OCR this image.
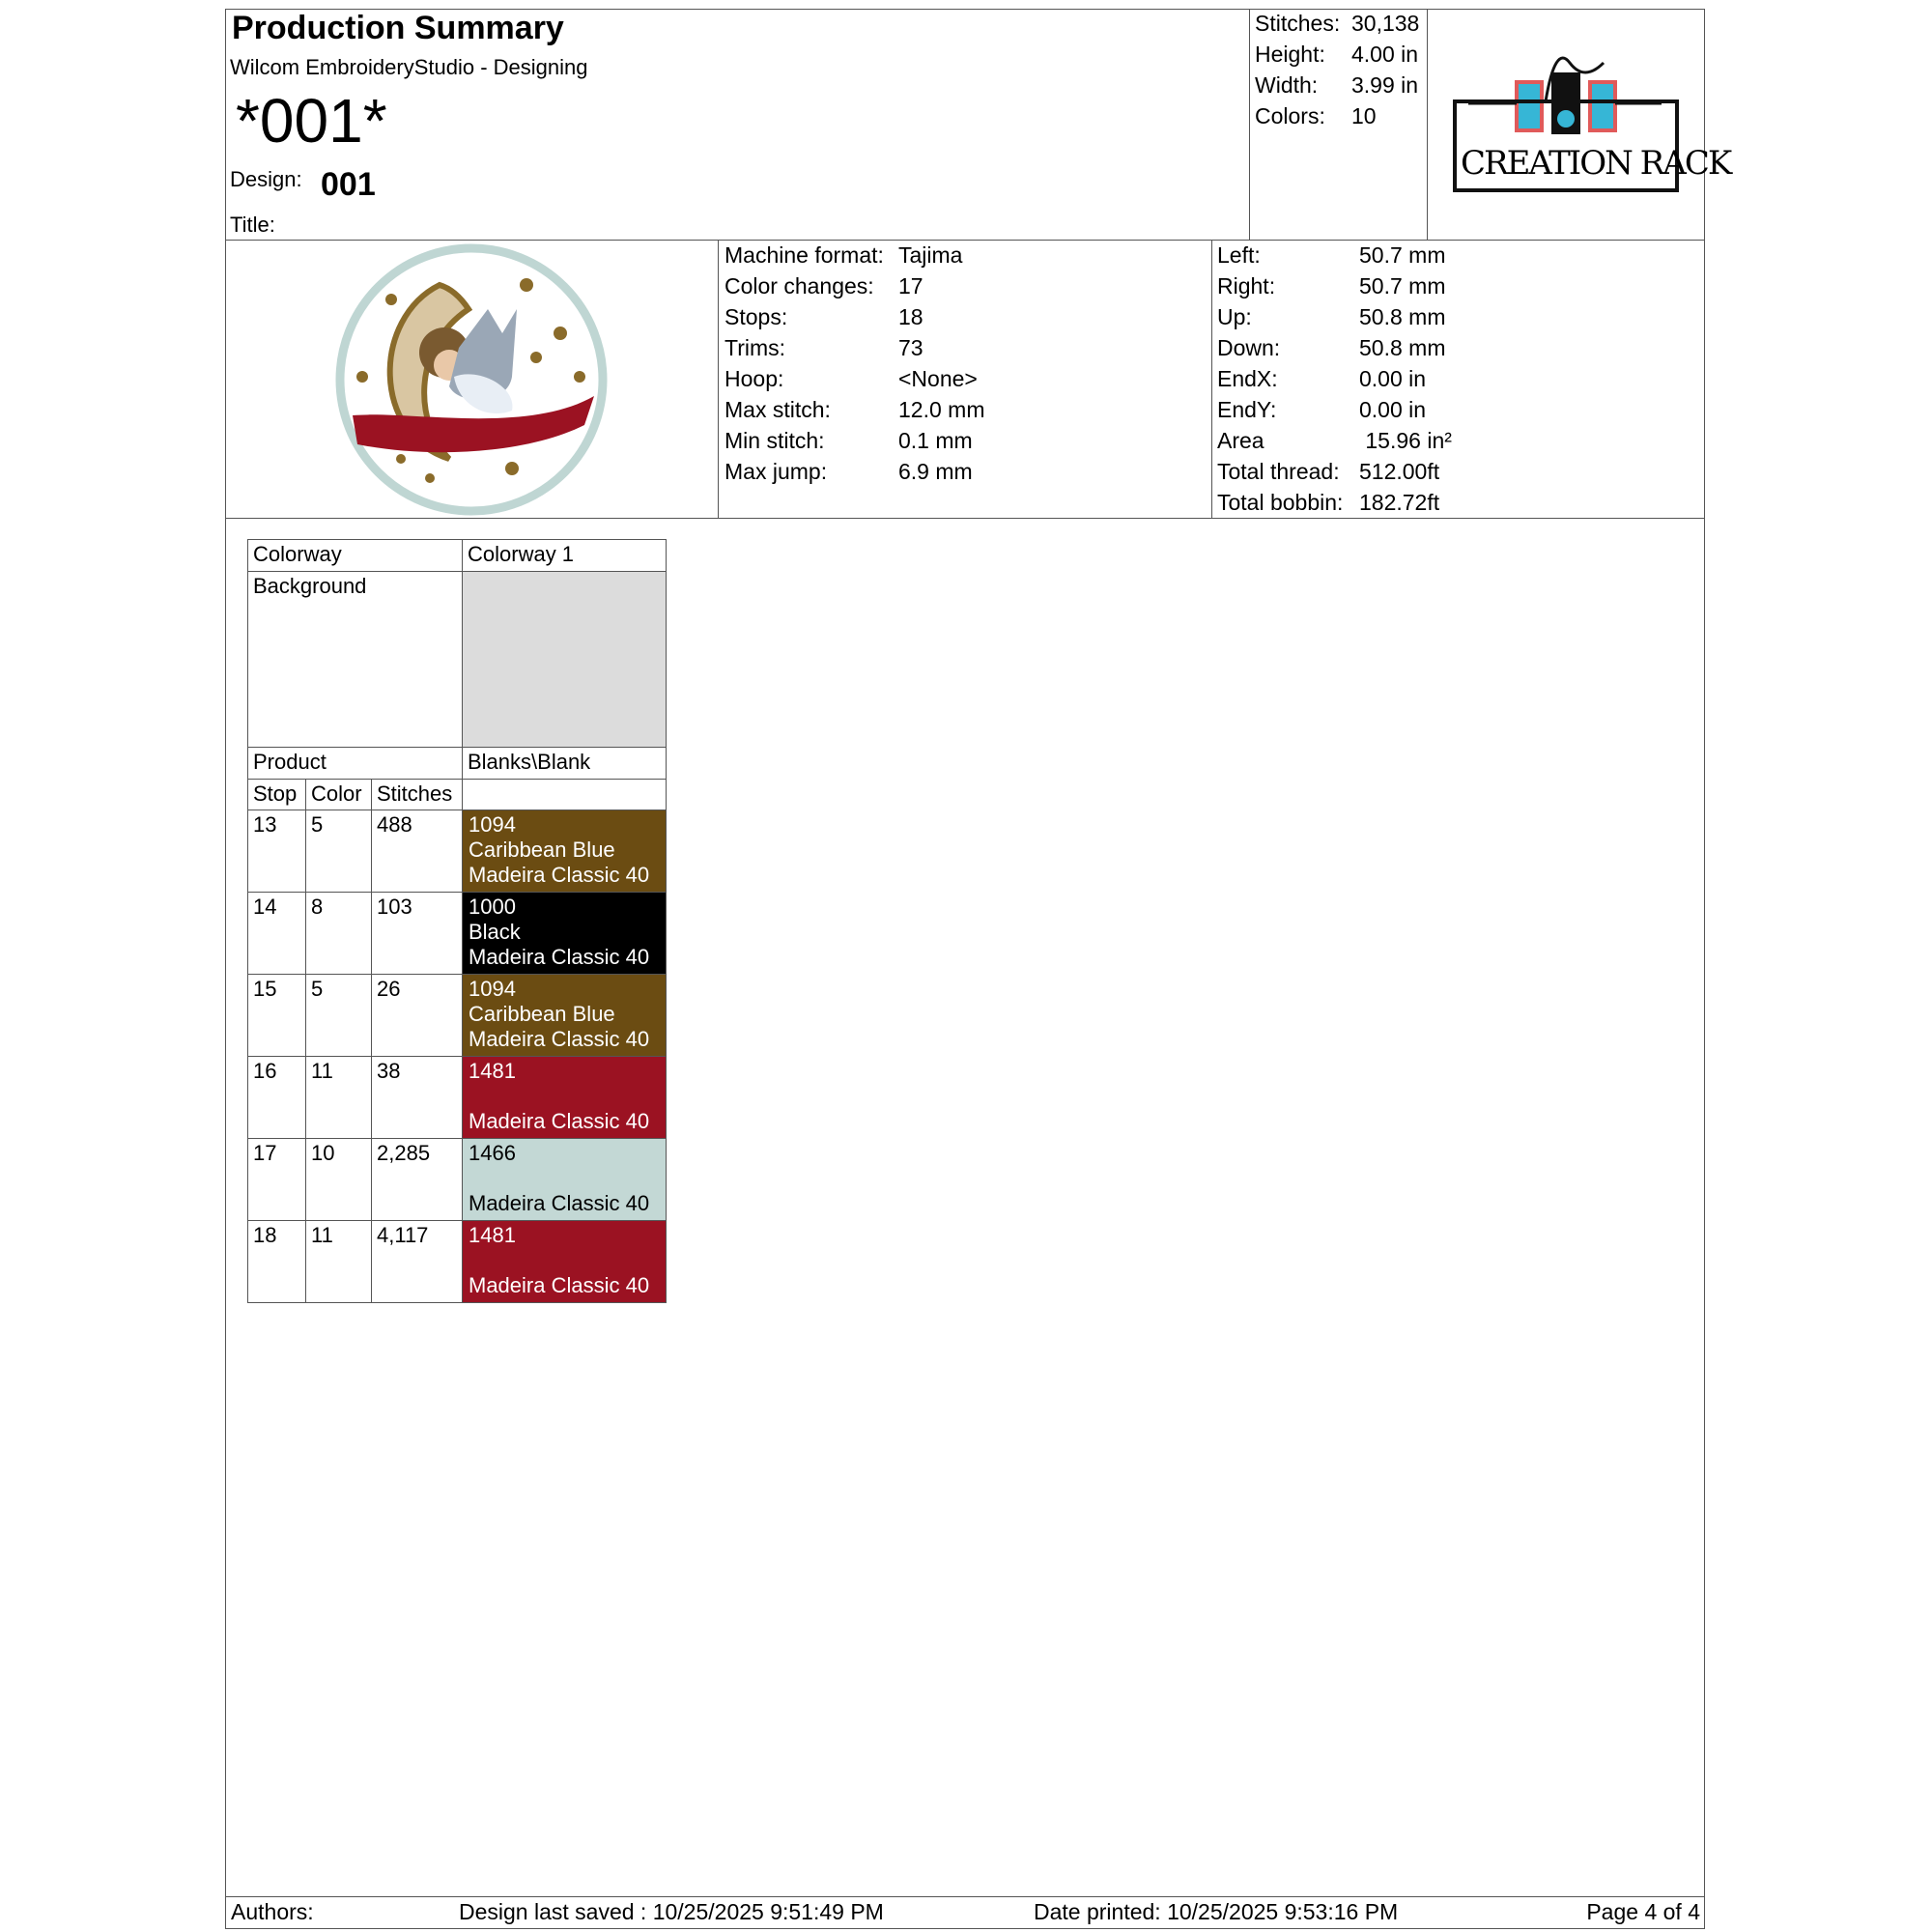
Production Summary
Wilcom EmbroideryStudio - Designing
*001*
Design: 001
Title:
Stitches: 30,138
Height:	4.00 in
Width:	3.99 in
Colors:	10
CREATION RACK
Machine format: Tajima
Color changes:	17
Stops:	18
Trims:	73
Hoop:	<None>
Max stitch:	12.0 mm
Min stitch:	0.1 mm
Max jump:	6.9 mm
Left:	50.7 mm
Right:	50.7 mm
Up:	50.8 mm
Down:	50.8 mm
EndX:	0.00 in
EndY:	0.00 in
Area	15.96 in²
Total thread: 512.00ft
Total bobbin: 182.72ft
Colorway			Colorway 1
Background			
Product			Blanks\Blank
Stop	Color	Stitches	
13	5	488	1094
Caribbean Blue
Madeira Classic 40

14	8	103	1000
Black
Madeira Classic 40

15	5	26	1094
Caribbean Blue
Madeira Classic 40

16	11	38	1481
Madeira Classic 40

17	10	2,285	1466
Madeira Classic 40

18	11	4,117	1481
Madeira Classic 40
Authors:	Design last saved : 10/25/2025 9:51:49 PM	Date printed: 10/25/2025 9:53:16 PM	Page 4 of 4
